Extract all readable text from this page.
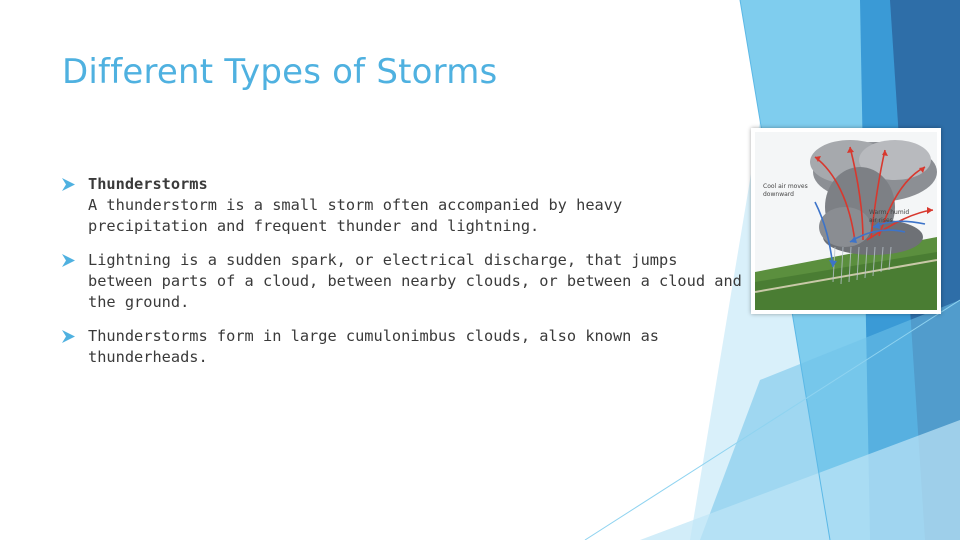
Different Types of Storms
Thunderstorms
A thunderstorm is a small storm often accompanied by heavy precipitation and frequent thunder and lightning.
Lightning is a sudden spark, or electrical discharge, that jumps between parts of a cloud, between nearby clouds, or between a cloud and the ground.
Thunderstorms form in large cumulonimbus clouds, also known as thunderheads.
Cool air moves
downward
Warm, humid
air rises
